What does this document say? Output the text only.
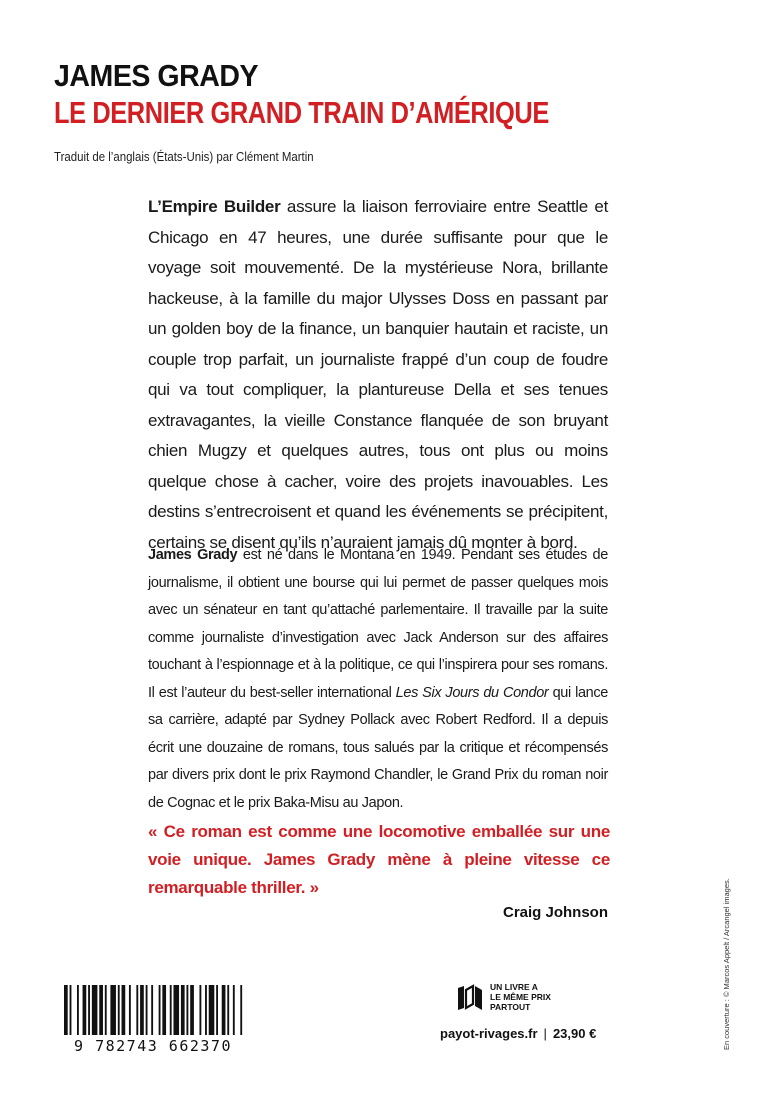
JAMES GRADY
LE DERNIER GRAND TRAIN D’AMÉRIQUE
Traduit de l’anglais (États-Unis) par Clément Martin

L’Empire Builder assure la liaison ferroviaire entre Seattle et Chicago en 47 heures, une durée suffisante pour que le voyage soit mouvementé. De la mystérieuse Nora, brillante hackeuse, à la famille du major Ulysses Doss en passant par un golden boy de la finance, un banquier hautain et raciste, un couple trop parfait, un journaliste frappé d’un coup de foudre qui va tout compliquer, la plantureuse Della et ses tenues extravagantes, la vieille Constance flanquée de son bruyant chien Mugzy et quelques autres, tous ont plus ou moins quelque chose à cacher, voire des projets inavouables. Les destins s’entrecroisent et quand les événements se précipitent, certains se disent qu’ils n’auraient jamais dû monter à bord.

James Grady est né dans le Montana en 1949. Pendant ses études de journalisme, il obtient une bourse qui lui permet de passer quelques mois avec un sénateur en tant qu’attaché parlementaire. Il travaille par la suite comme journaliste d’investigation avec Jack Anderson sur des affaires touchant à l’espionnage et à la politique, ce qui l’inspirera pour ses romans. Il est l’auteur du best-seller international Les Six Jours du Condor qui lance sa carrière, adapté par Sydney Pollack avec Robert Redford. Il a depuis écrit une douzaine de romans, tous salués par la critique et récompensés par divers prix dont le prix Raymond Chandler, le Grand Prix du roman noir de Cognac et le prix Baka-Misu au Japon.

« Ce roman est comme une locomotive emballée sur une voie unique. James Grady mène à pleine vitesse ce remarquable thriller. »

Craig Johnson	En couverture : © Marcos Appelt / Arcangel images.
9 782743 662370
UN LIVRE A
LE MÊME PRIX
PARTOUT
payot-rivages.fr | 23,90 €
